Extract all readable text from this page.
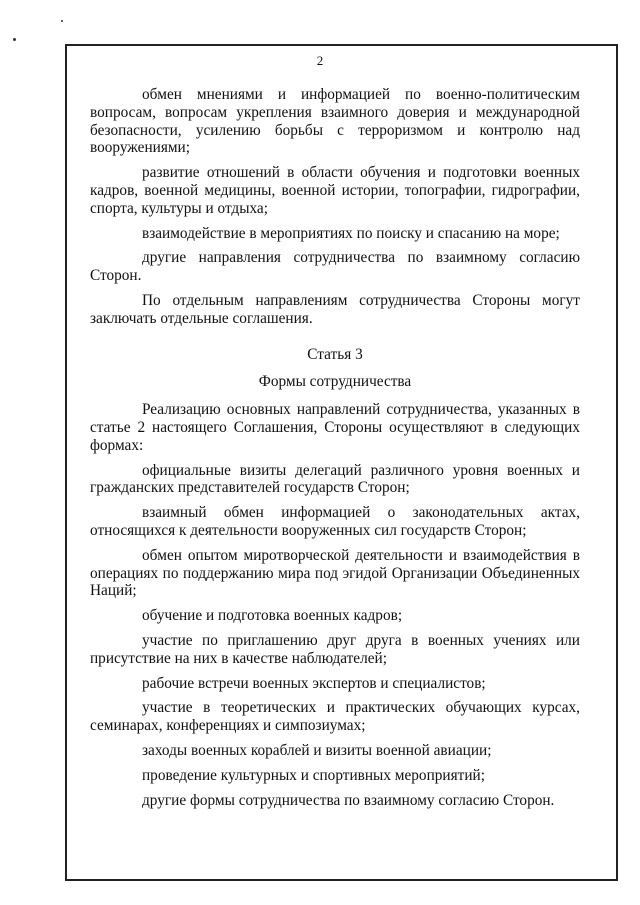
2

обмен мнениями и информацией по военно-политическим вопросам, вопросам укрепления взаимного доверия и международной безопасности, усилению борьбы с терроризмом и контролю над вооружениями;

развитие отношений в области обучения и подготовки военных кадров, военной медицины, военной истории, топографии, гидрографии, спорта, культуры и отдыха;

взаимодействие в мероприятиях по поиску и спасанию на море;

другие направления сотрудничества по взаимному согласию Сторон.

По отдельным направлениям сотрудничества Стороны могут заключать отдельные соглашения.

Статья 3

Формы сотрудничества

Реализацию основных направлений сотрудничества, указанных в статье 2 настоящего Соглашения, Стороны осуществляют в следующих формах:

официальные визиты делегаций различного уровня военных и гражданских представителей государств Сторон;

взаимный обмен информацией о законодательных актах, относящихся к деятельности вооруженных сил государств Сторон;

обмен опытом миротворческой деятельности и взаимодействия в операциях по поддержанию мира под эгидой Организации Объединенных Наций;

обучение и подготовка военных кадров;

участие по приглашению друг друга в военных учениях или присутствие на них в качестве наблюдателей;

рабочие встречи военных экспертов и специалистов;

участие в теоретических и практических обучающих курсах, семинарах, конференциях и симпозиумах;

заходы военных кораблей и визиты военной авиации;

проведение культурных и спортивных мероприятий;

другие формы сотрудничества по взаимному согласию Сторон.
